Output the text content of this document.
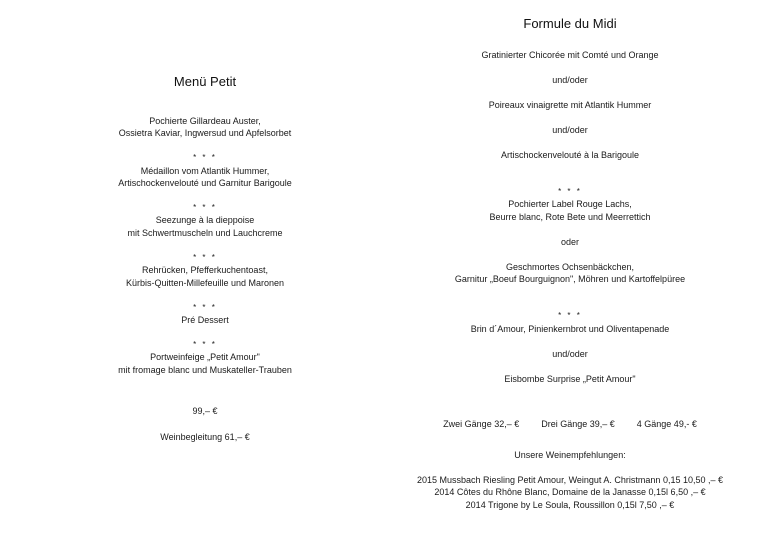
Menü Petit
Pochierte Gillardeau Auster,
Ossietra Kaviar, Ingwersud und Apfelsorbet
* * *
Médaillon vom Atlantik Hummer,
Artischockenvelouté und Garnitur Barigoule
* * *
Seezunge à la dieppoise
mit Schwertmuscheln und Lauchcreme
* * *
Rehrücken, Pfefferkuchentoast,
Kürbis-Quitten-Millefeuille und Maronen
* * *
Pré Dessert
* * *
Portweinfeige „Petit Amour"
mit fromage blanc und Muskateller-Trauben
99,– €
Weinbegleitung 61,– €
Formule du Midi
Gratinierter Chicorée mit Comté und Orange
und/oder
Poireaux vinaigrette mit Atlantik Hummer
und/oder
Artischockenvelouté à la Barigoule
* * *
Pochierter Label Rouge Lachs,
Beurre blanc, Rote Bete und Meerrettich
oder
Geschmortes Ochsenbäckchen,
Garnitur „Boeuf Bourguignon", Möhren und Kartoffelpüree
* * *
Brin d´Amour, Pinienkernbrot und Oliventapenade
und/oder
Eisbombe Surprise „Petit Amour"
Zwei Gänge 32,– € Drei Gänge 39,– € 4 Gänge 49,- €
Unsere Weinempfehlungen:
2015 Mussbach Riesling Petit Amour, Weingut A. Christmann 0,15 10,50 ,– €
2014 Côtes du Rhône Blanc, Domaine de la Janasse 0,15l 6,50 ,– €
2014 Trigone by Le Soula, Roussillon 0,15l 7,50 ,– €
